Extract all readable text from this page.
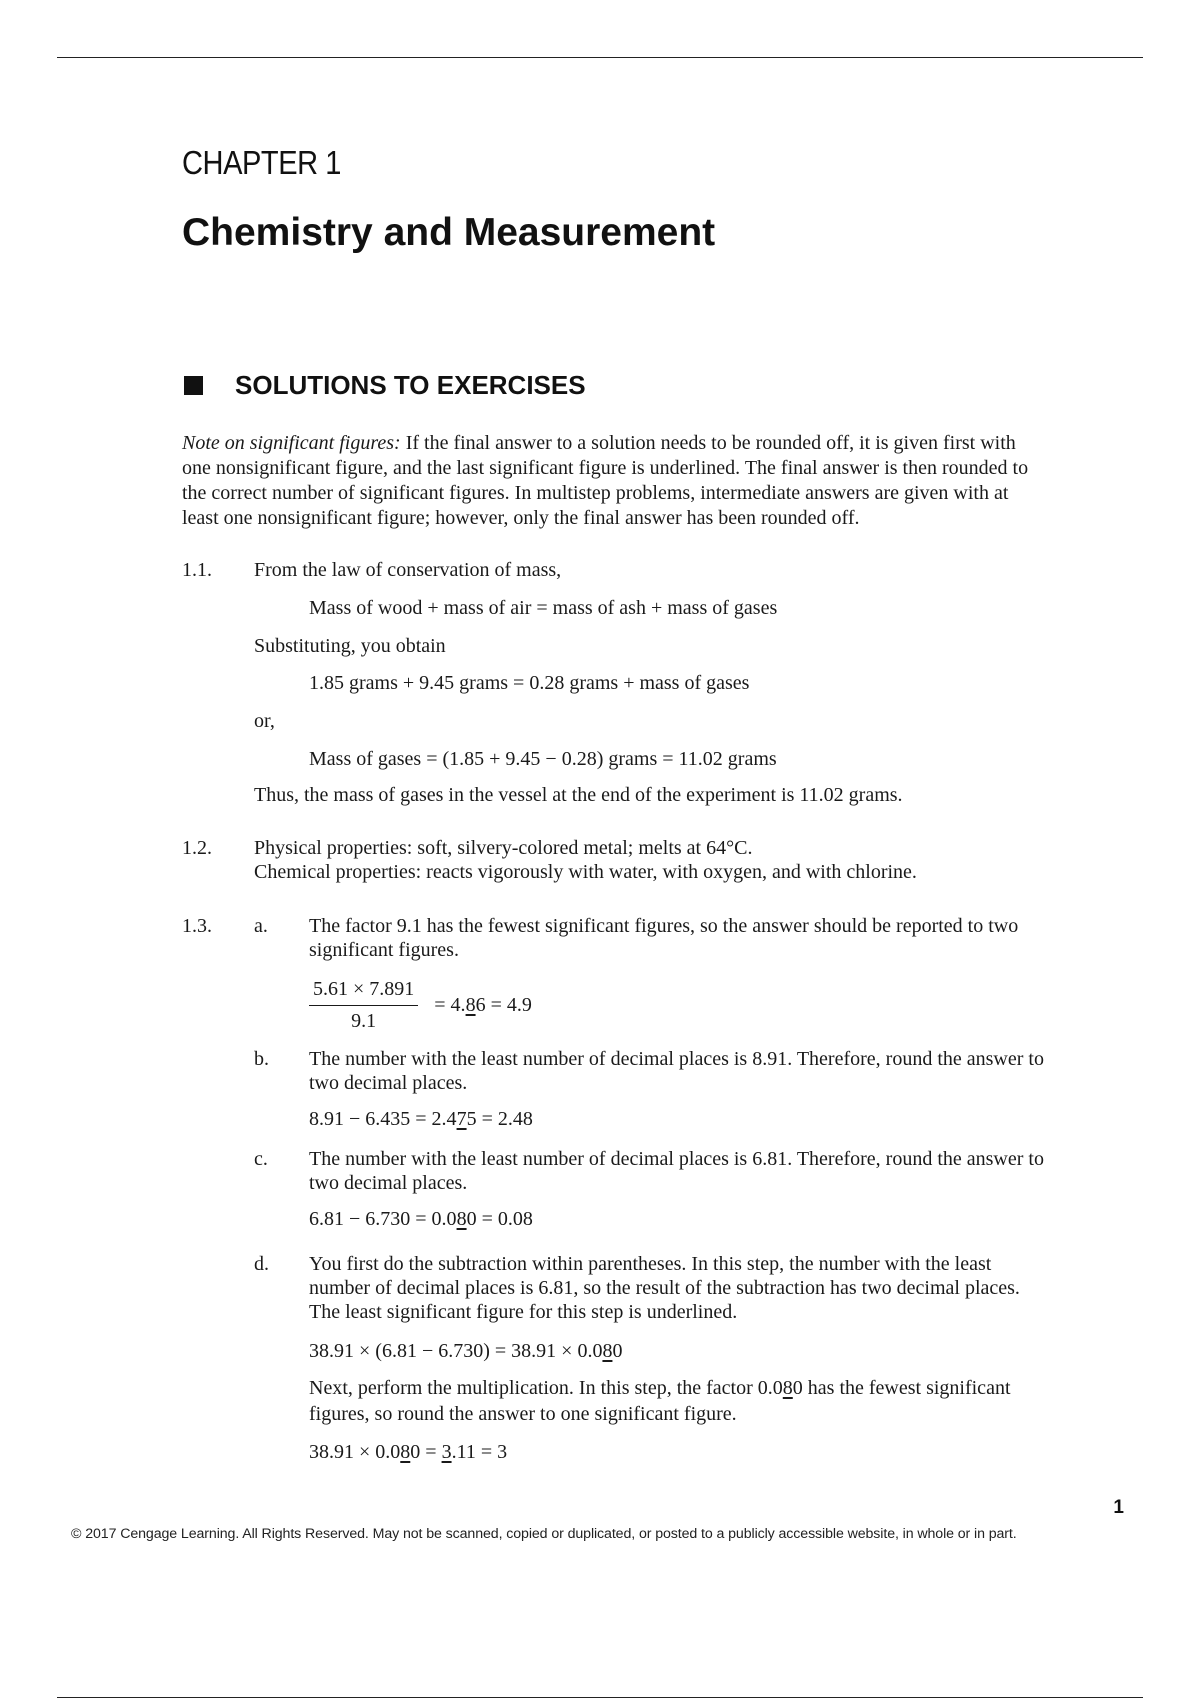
CHAPTER 1
Chemistry and Measurement
SOLUTIONS TO EXERCISES

Note on significant figures: If the final answer to a solution needs to be rounded off, it is given first with
one nonsignificant figure, and the last significant figure is underlined. The final answer is then rounded to
the correct number of significant figures. In multistep problems, intermediate answers are given with at
least one nonsignificant figure; however, only the final answer has been rounded off.

1.1. From the law of conservation of mass,
Mass of wood + mass of air = mass of ash + mass of gases
Substituting, you obtain
1.85 grams + 9.45 grams = 0.28 grams + mass of gases
or,
Mass of gases = (1.85 + 9.45 − 0.28) grams = 11.02 grams
Thus, the mass of gases in the vessel at the end of the experiment is 11.02 grams.
1.2. Physical properties: soft, silvery-colored metal; melts at 64°C.
Chemical properties: reacts vigorously with water, with oxygen, and with chlorine.
1.3. a. The factor 9.1 has the fewest significant figures, so the answer should be reported to two
significant figures.
$\frac{5.61 \times 7.891}{9.1} = 4.86 = 4.9$
b. The number with the least number of decimal places is 8.91. Therefore, round the answer to
two decimal places.
8.91 − 6.435 = 2.475 = 2.48
c. The number with the least number of decimal places is 6.81. Therefore, round the answer to
two decimal places.
6.81 − 6.730 = 0.080 = 0.08
d. You first do the subtraction within parentheses. In this step, the number with the least
number of decimal places is 6.81, so the result of the subtraction has two decimal places.
The least significant figure for this step is underlined.
38.91 × (6.81 − 6.730) = 38.91 × 0.080
Next, perform the multiplication. In this step, the factor 0.080 has the fewest significant
figures, so round the answer to one significant figure.
38.91 × 0.080 = 3.11 = 3

1

© 2017 Cengage Learning. All Rights Reserved. May not be scanned, copied or duplicated, or posted to a publicly accessible website, in whole or in part.
